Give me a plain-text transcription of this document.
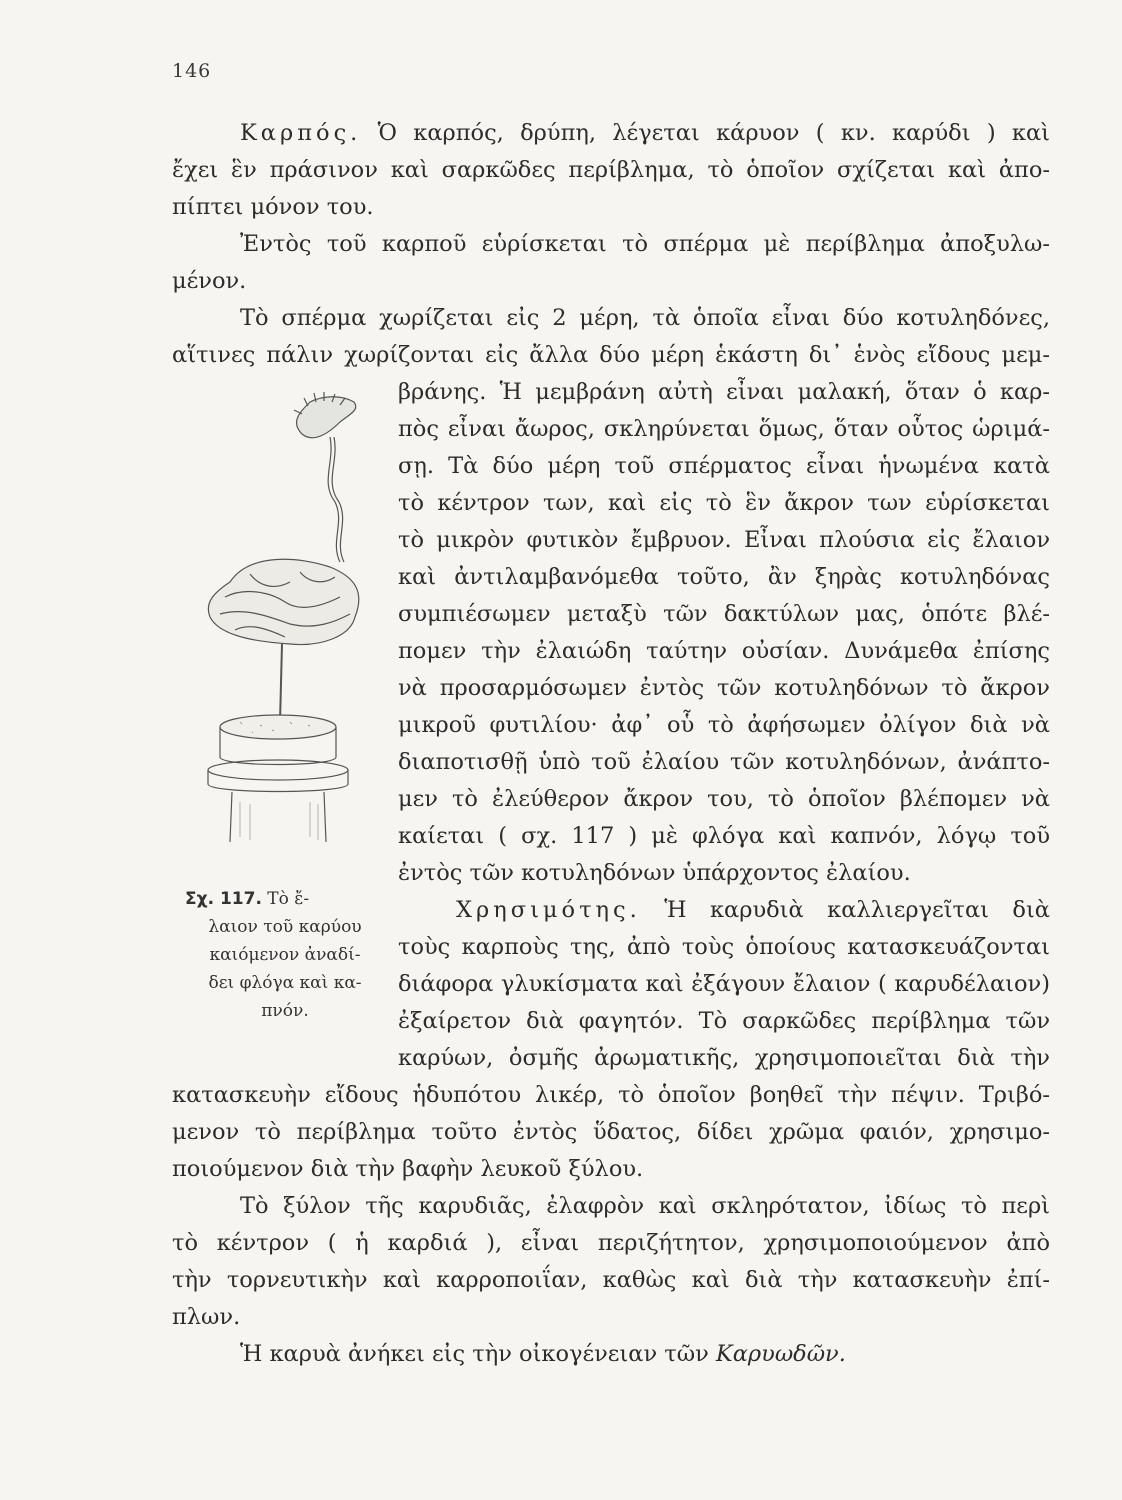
146
Καρπός. Ὁ καρπός, δρύπη, λέγεται κάρυον ( κν. καρύδι ) καὶ
ἔχει ἓν πράσινον καὶ σαρκῶδες περίβλημα, τὸ ὁποῖον σχίζεται καὶ ἀπο-
πίπτει μόνον του.
Ἐντὸς τοῦ καρποῦ εὑρίσκεται τὸ σπέρμα μὲ περίβλημα ἀποξυλω-
μένον.
Τὸ σπέρμα χωρίζεται εἰς 2 μέρη, τὰ ὁποῖα εἶναι δύο κοτυληδόνες,
αἵτινες πάλιν χωρίζονται εἰς ἄλλα δύο μέρη ἑκάστη δι᾽ ἑνὸς εἴδους μεμ-
βράνης. Ἡ μεμβράνη αὐτὴ εἶναι μαλακή, ὅταν ὁ καρ-
πὸς εἶναι ἄωρος, σκληρύνεται ὅμως, ὅταν οὗτος ὡριμά-
σῃ. Τὰ δύο μέρη τοῦ σπέρματος εἶναι ἡνωμένα κατὰ
τὸ κέντρον των, καὶ εἰς τὸ ἓν ἄκρον των εὑρίσκεται
τὸ μικρὸν φυτικὸν ἔμβρυον. Εἶναι πλούσια εἰς ἔλαιον
καὶ ἀντιλαμβανόμεθα τοῦτο, ἂν ξηρὰς κοτυληδόνας
συμπιέσωμεν μεταξὺ τῶν δακτύλων μας, ὁπότε βλέ-
πομεν τὴν ἐλαιώδη ταύτην οὐσίαν. Δυνάμεθα ἐπίσης
νὰ προσαρμόσωμεν ἐντὸς τῶν κοτυληδόνων τὸ ἄκρον
μικροῦ φυτιλίου· ἀφ᾽ οὗ τὸ ἀφήσωμεν ὀλίγον διὰ νὰ
διαποτισθῇ ὑπὸ τοῦ ἐλαίου τῶν κοτυληδόνων, ἀνάπτο-
μεν τὸ ἐλεύθερον ἄκρον του, τὸ ὁποῖον βλέπομεν νὰ
καίεται ( σχ. 117 ) μὲ φλόγα καὶ καπνόν, λόγῳ τοῦ
ἐντὸς τῶν κοτυληδόνων ὑπάρχοντος ἐλαίου.
Χρησιμότης. Ἡ καρυδιὰ καλλιεργεῖται διὰ
τοὺς καρποὺς της, ἀπὸ τοὺς ὁποίους κατασκευάζονται
διάφορα γλυκίσματα καὶ ἐξάγουν ἔλαιον ( καρυδέλαιον)
ἐξαίρετον διὰ φαγητόν. Τὸ σαρκῶδες περίβλημα τῶν
καρύων, ὀσμῆς ἀρωματικῆς, χρησιμοποιεῖται διὰ τὴν
κατασκευὴν εἴδους ἡδυπότου λικέρ, τὸ ὁποῖον βοηθεῖ τὴν πέψιν. Τριβό-
μενον τὸ περίβλημα τοῦτο ἐντὸς ὕδατος, δίδει χρῶμα φαιόν, χρησιμο-
ποιούμενον διὰ τὴν βαφὴν λευκοῦ ξύλου.
Τὸ ξύλον τῆς καρυδιᾶς, ἐλαφρὸν καὶ σκληρότατον, ἰδίως τὸ περὶ
τὸ κέντρον ( ἡ καρδιά ), εἶναι περιζήτητον, χρησιμοποιούμενον ἀπὸ
τὴν τορνευτικὴν καὶ καρροποιΐαν, καθὼς καὶ διὰ τὴν κατασκευὴν ἐπί-
πλων.
Ἡ καρυὰ ἀνήκει εἰς τὴν οἰκογένειαν τῶν Καρυωδῶν.
Σχ. 117. Τὸ ἔ-
λαιον τοῦ καρύου
καιόμενον ἀναδί-
δει φλόγα καὶ κα-
πνόν.
